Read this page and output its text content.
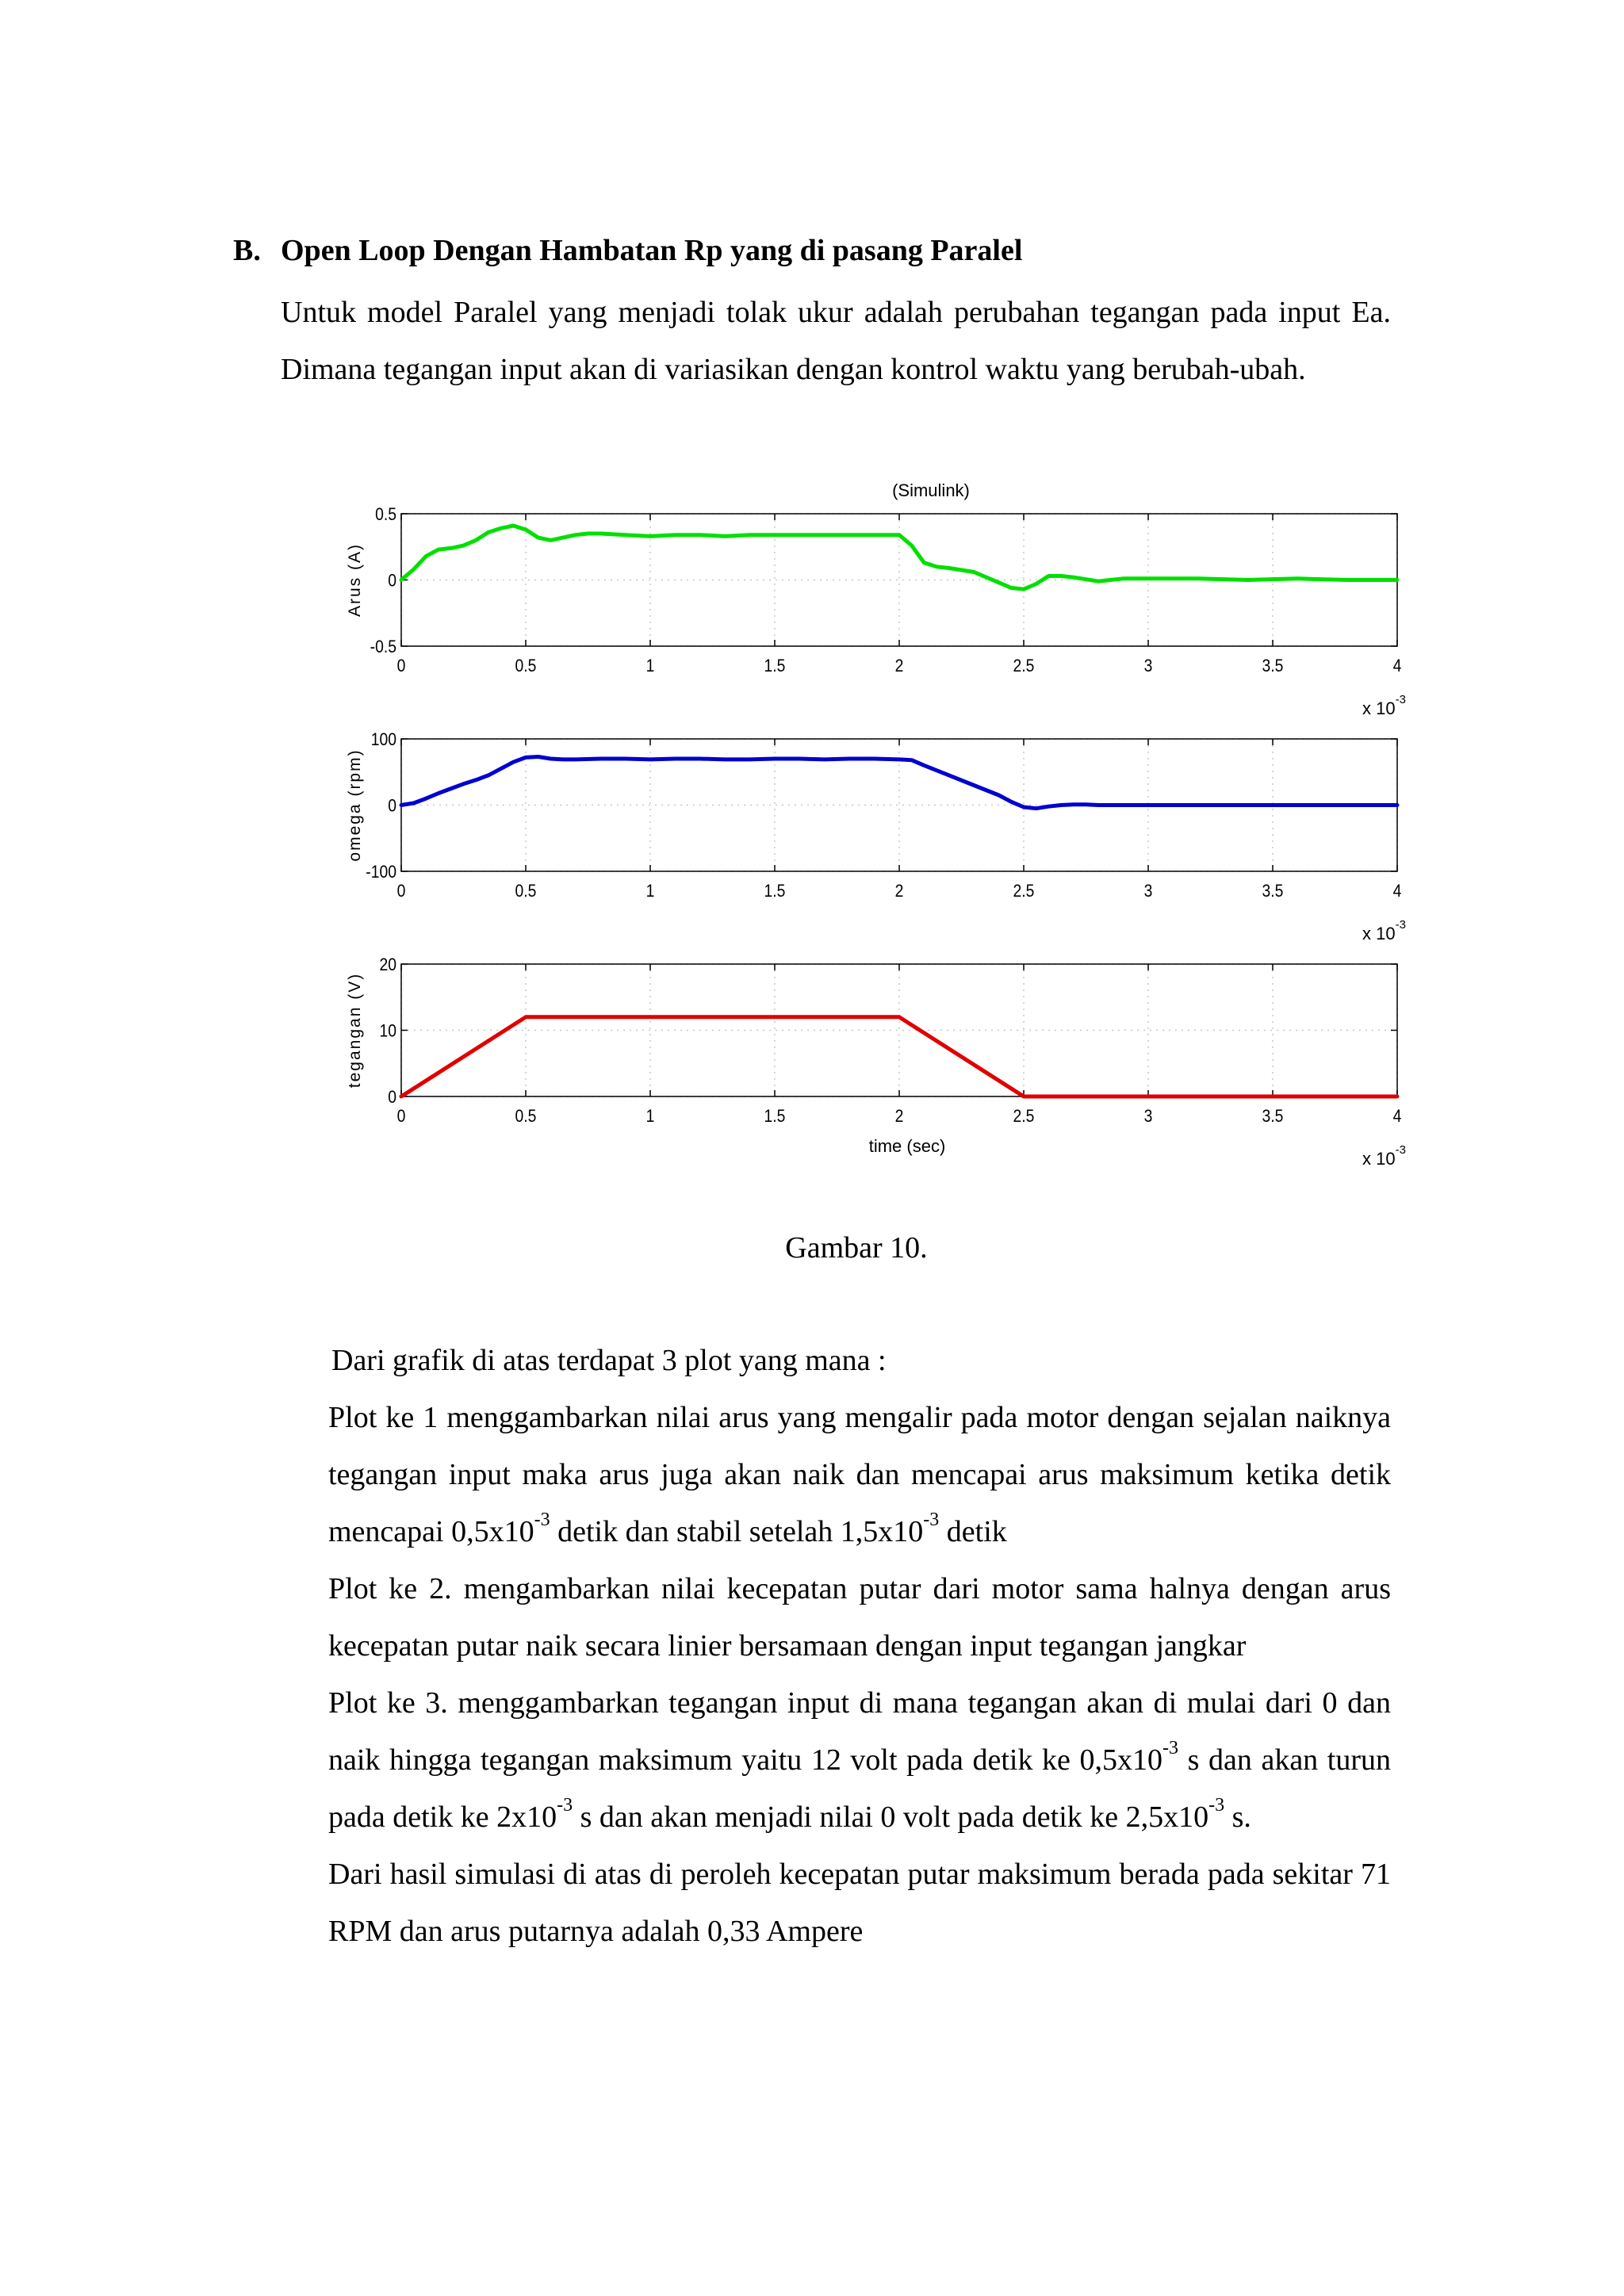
B. Open Loop Dengan Hambatan Rp yang di pasang Paralel
Untuk model Paralel yang menjadi tolak ukur adalah perubahan tegangan pada input Ea. Dimana tegangan input akan di variasikan dengan kontrol waktu yang berubah-ubah.
0	0.5	1	1.5	2	2.5	3	3.5	4
-0.5
0
0.5
Arus (A)
x $10^{-3}$
(Simulink)
0	0.5	1	1.5	2	2.5	3	3.5	4
-100
0
100
omega (rpm)
x $10^{-3}$
0	0.5	1	1.5	2	2.5	3	3.5	4
0
10
20
tegangan (V)
x $10^{-3}$
time (sec)
Gambar 10.

Dari grafik di atas terdapat 3 plot yang mana :

Plot ke 1 menggambarkan nilai arus yang mengalir pada motor dengan sejalan naiknya tegangan input maka arus juga akan naik dan mencapai arus maksimum ketika detik mencapai $0,5x10^{-3}$ detik dan stabil setelah $1,5x10^{-3}$ detik

Plot ke 2. mengambarkan nilai kecepatan putar dari motor sama halnya dengan arus kecepatan putar naik secara linier bersamaan dengan input tegangan jangkar

Plot ke 3. menggambarkan tegangan input di mana tegangan akan di mulai dari 0 dan naik hingga tegangan maksimum yaitu 12 volt pada detik ke $0,5x10^{-3}$ s dan akan turun pada detik ke $2x10^{-3}$ s dan akan menjadi nilai 0 volt pada detik ke $2,5x10^{-3}$ s.

Dari hasil simulasi di atas di peroleh kecepatan putar maksimum berada pada sekitar 71 RPM dan arus putarnya adalah 0,33 Ampere
